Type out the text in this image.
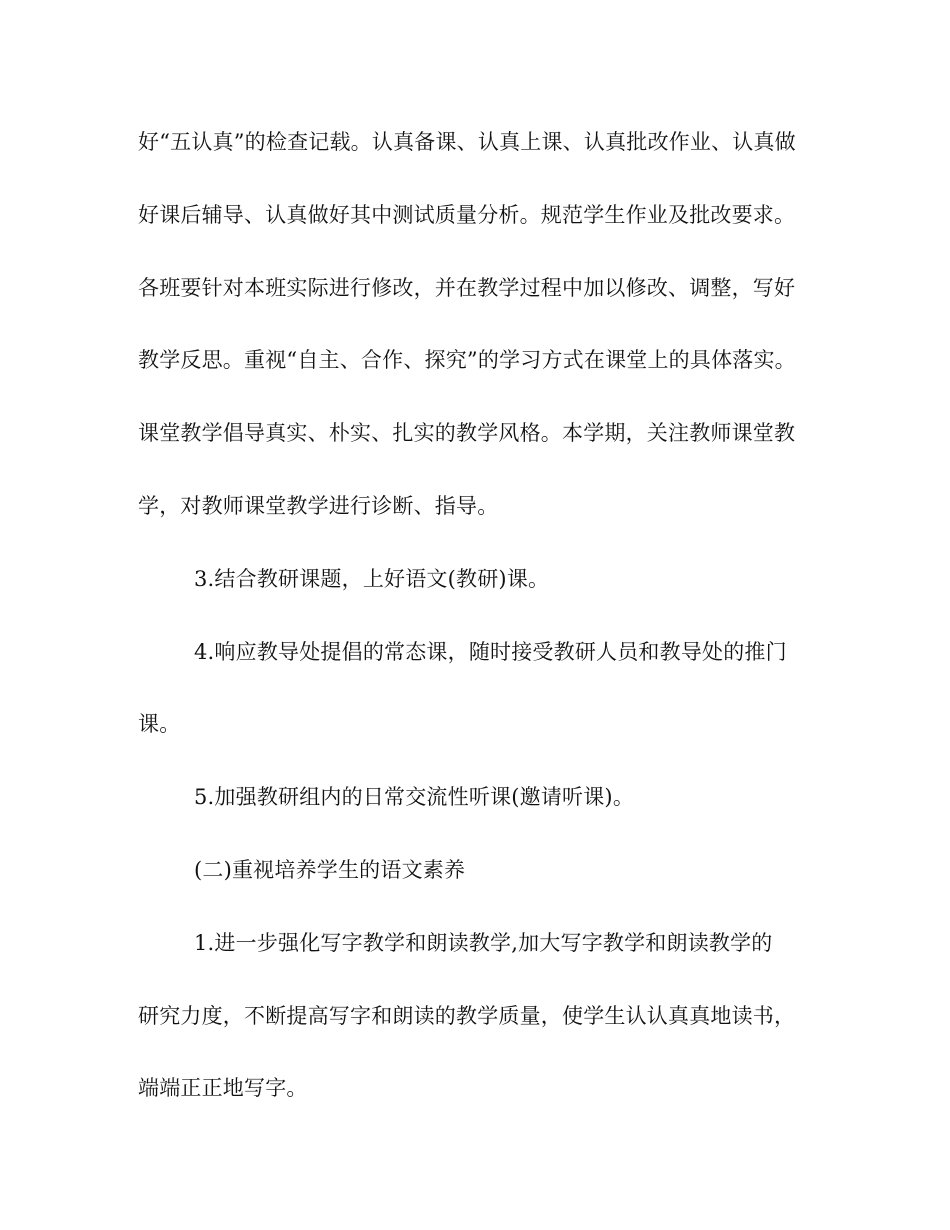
好“五认真”的检查记载。认真备课、认真上课、认真批改作业、认真做
好课后辅导、认真做好其中测试质量分析。规范学生作业及批改要求。
各班要针对本班实际进行修改，并在教学过程中加以修改、调整，写好
教学反思。重视“自主、合作、探究”的学习方式在课堂上的具体落实。
课堂教学倡导真实、朴实、扎实的教学风格。本学期，关注教师课堂教
学，对教师课堂教学进行诊断、指导。
3.结合教研课题，上好语文(教研)课。
4.响应教导处提倡的常态课，随时接受教研人员和教导处的推门
课。
5.加强教研组内的日常交流性听课(邀请听课)。
(二)重视培养学生的语文素养
1.进一步强化写字教学和朗读教学,加大写字教学和朗读教学的
研究力度，不断提高写字和朗读的教学质量，使学生认认真真地读书，
端端正正地写字。
